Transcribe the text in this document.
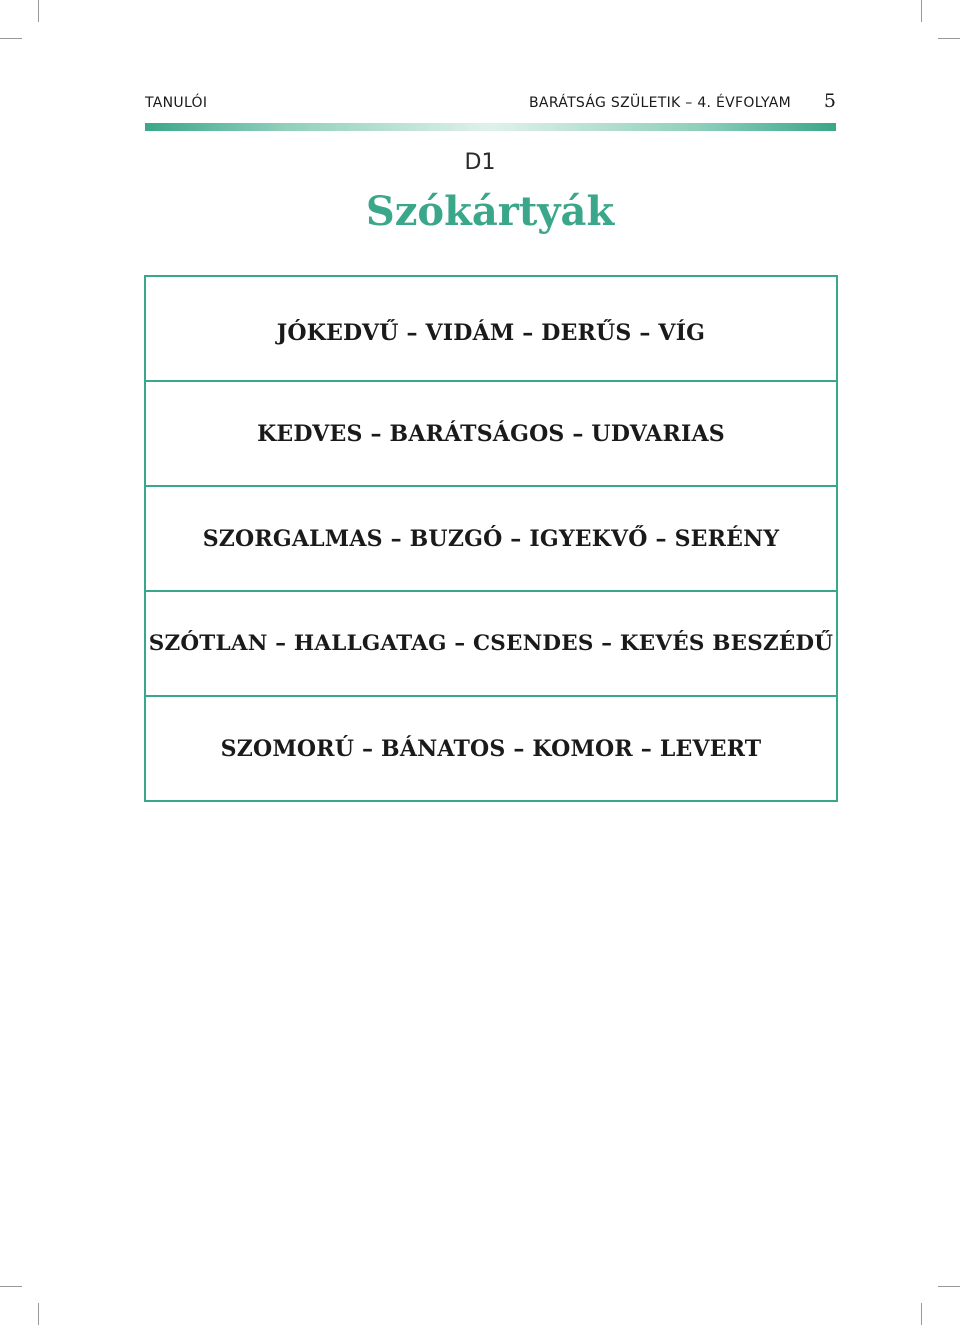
TANULÓI	BARÁTSÁG SZÜLETIK – 4. ÉVFOLYAM 5
D1
Szókártyák
JÓKEDVŰ – VIDÁM – DERŰS – VÍG
KEDVES – BARÁTSÁGOS – UDVARIAS
SZORGALMAS – BUZGÓ – IGYEKVŐ – SERÉNY
SZÓTLAN – HALLGATAG – CSENDES – KEVÉS BESZÉDŰ
SZOMORÚ – BÁNATOS – KOMOR – LEVERT
